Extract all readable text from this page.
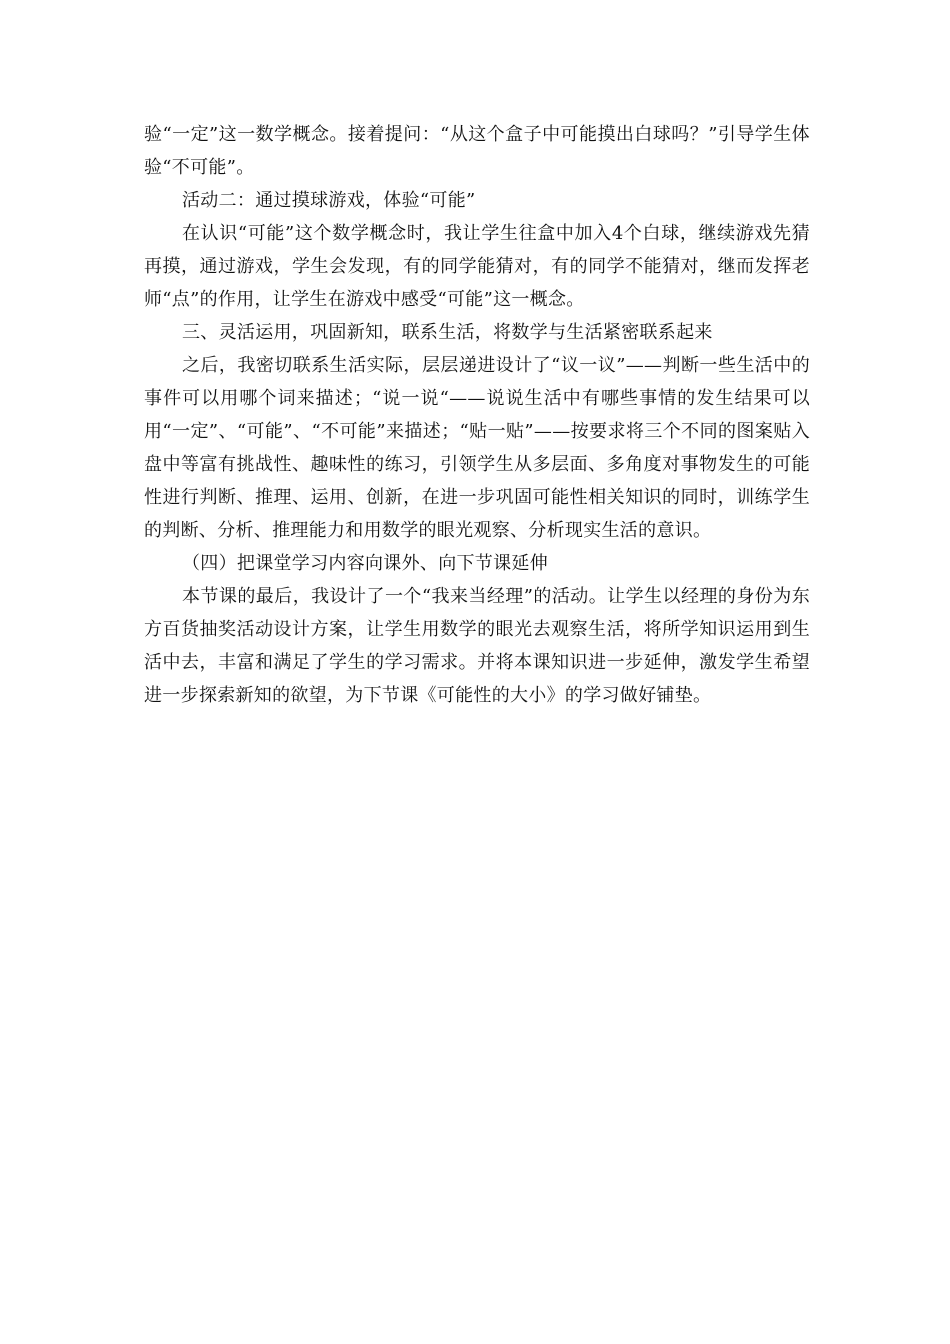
验“一定”这一数学概念。接着提问：“从这个盒子中可能摸出白球吗？”引导学生体验“不可能”。

活动二：通过摸球游戏，体验“可能”

在认识“可能”这个数学概念时，我让学生往盒中加入4个白球，继续游戏先猜再摸，通过游戏，学生会发现，有的同学能猜对，有的同学不能猜对，继而发挥老师“点”的作用，让学生在游戏中感受“可能”这一概念。

三、灵活运用，巩固新知，联系生活，将数学与生活紧密联系起来

之后，我密切联系生活实际，层层递进设计了“议一议”——判断一些生活中的事件可以用哪个词来描述；“说一说“——说说生活中有哪些事情的发生结果可以用“一定”、“可能”、“不可能”来描述；“贴一贴”——按要求将三个不同的图案贴入盘中等富有挑战性、趣味性的练习，引领学生从多层面、多角度对事物发生的可能性进行判断、推理、运用、创新，在进一步巩固可能性相关知识的同时，训练学生的判断、分析、推理能力和用数学的眼光观察、分析现实生活的意识。

（四）把课堂学习内容向课外、向下节课延伸

本节课的最后，我设计了一个“我来当经理”的活动。让学生以经理的身份为东方百货抽奖活动设计方案，让学生用数学的眼光去观察生活，将所学知识运用到生活中去，丰富和满足了学生的学习需求。并将本课知识进一步延伸，激发学生希望进一步探索新知的欲望，为下节课《可能性的大小》的学习做好铺垫。
